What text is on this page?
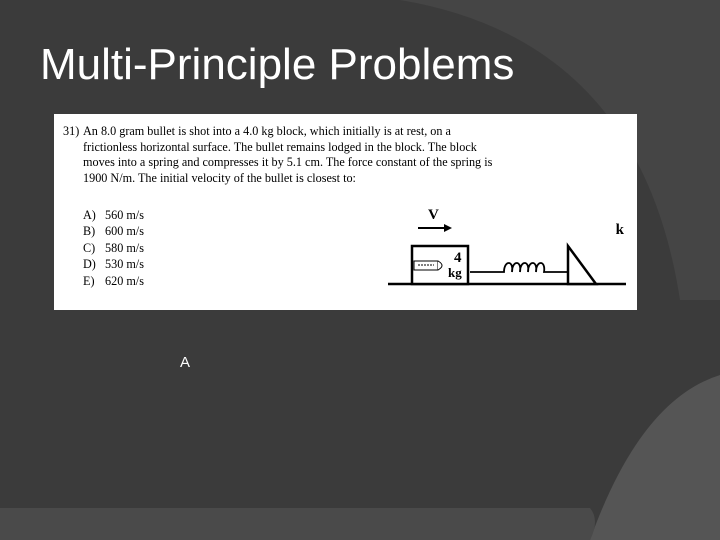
Multi-Principle Problems
31) An 8.0 gram bullet is shot into a 4.0 kg block, which initially is at rest, on a
frictionless horizontal surface. The bullet remains lodged in the block. The block
moves into a spring and compresses it by 5.1 cm. The force constant of the spring is
1900 N/m. The initial velocity of the bullet is closest to:
A) 560 m/s
B) 600 m/s
C) 580 m/s
D) 530 m/s
E) 620 m/s
V
4
kg
k
A
